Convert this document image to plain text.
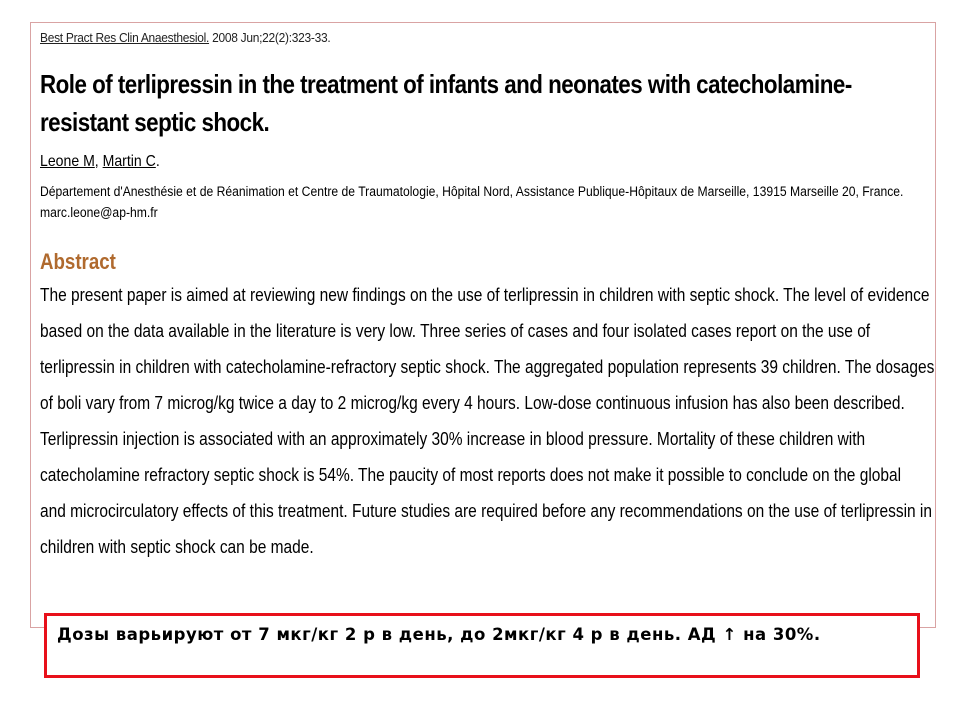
Best Pract Res Clin Anaesthesiol. 2008 Jun;22(2):323-33.
Role of terlipressin in the treatment of infants and neonates with catecholamine-resistant septic shock.
Leone M, Martin C.
Département d'Anesthésie et de Réanimation et Centre de Traumatologie, Hôpital Nord, Assistance Publique-Hôpitaux de Marseille, 13915 Marseille 20, France. marc.leone@ap-hm.fr
Abstract
The present paper is aimed at reviewing new findings on the use of terlipressin in children with septic shock. The level of evidence
based on the data available in the literature is very low. Three series of cases and four isolated cases report on the use of
terlipressin in children with catecholamine-refractory septic shock. The aggregated population represents 39 children. The dosages
of boli vary from 7 microg/kg twice a day to 2 microg/kg every 4 hours. Low-dose continuous infusion has also been described.
Terlipressin injection is associated with an approximately 30% increase in blood pressure. Mortality of these children with
catecholamine refractory septic shock is 54%. The paucity of most reports does not make it possible to conclude on the global
and microcirculatory effects of this treatment. Future studies are required before any recommendations on the use of terlipressin in
children with septic shock can be made.
Дозы варьируют от 7 мкг/кг 2 р в день, до 2мкг/кг 4 р в день. АД ↑ на 30%.
